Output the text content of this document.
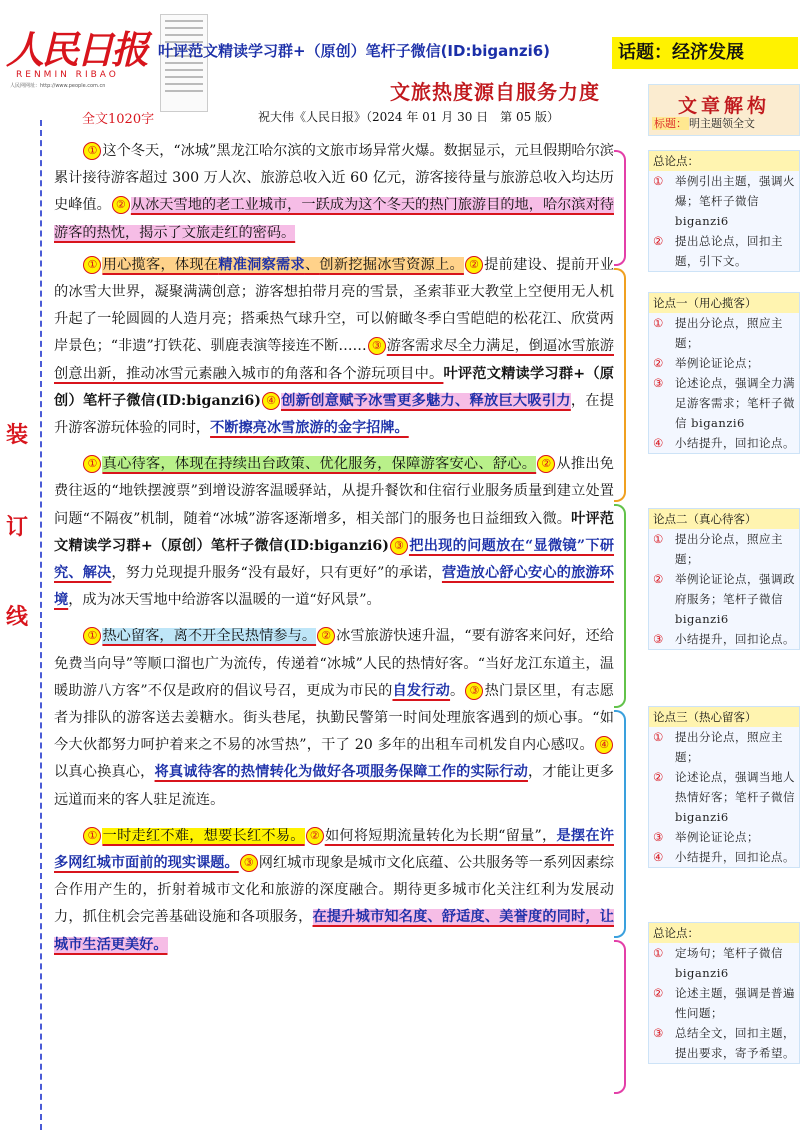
人民日报
RENMIN RIBAO
人民网网址：http://www.people.com.cn
叶评范文精读学习群+（原创）笔杆子微信(ID:biganzi6)	话题：经济发展
文旅热度源自服务力度
全文1020字	祝大伟《人民日报》（2024 年 01 月 30 日　第 05 版）
装
订
线

① 这个冬天，“冰城”黑龙江哈尔滨的文旅市场异常火爆。数据显示，元旦假期哈尔滨累计接待游客超过 300 万人次、旅游总收入近 60 亿元，游客接待量与旅游总收入均达历史峰值。 ② 从冰天雪地的老工业城市，一跃成为这个冬天的热门旅游目的地，哈尔滨对待游客的热忱，揭示了文旅走红的密码。

① 用心揽客，体现在精准洞察需求、创新挖掘冰雪资源上。 ② 提前建设、提前开业的冰雪大世界，凝聚满满创意；游客想拍带月亮的雪景，圣索菲亚大教堂上空便用无人机升起了一轮圆圆的人造月亮；搭乘热气球升空，可以俯瞰冬季白雪皑皑的松花江、欣赏两岸景色；“非遗”打铁花、驯鹿表演等接连不断…… ③ 游客需求尽全力满足，倒逼冰雪旅游创意出新，推动冰雪元素融入城市的角落和各个游玩项目中。叶评范文精读学习群+（原创）笔杆子微信(ID:biganzi6) ④ 创新创意赋予冰雪更多魅力、释放巨大吸引力，在提升游客游玩体验的同时，不断擦亮冰雪旅游的金字招牌。

① 真心待客，体现在持续出台政策、优化服务，保障游客安心、舒心。 ② 从推出免费往返的“地铁摆渡票”到增设游客温暖驿站，从提升餐饮和住宿行业服务质量到建立处置问题“不隔夜”机制，随着“冰城”游客逐渐增多，相关部门的服务也日益细致入微。叶评范文精读学习群+（原创）笔杆子微信(ID:biganzi6) ③ 把出现的问题放在“显微镜”下研究、解决，努力兑现提升服务“没有最好，只有更好”的承诺，营造放心舒心安心的旅游环境，成为冰天雪地中给游客以温暖的一道“好风景”。

① 热心留客，离不开全民热情参与。 ② 冰雪旅游快速升温，“要有游客来问好，还给免费当向导”等顺口溜也广为流传，传递着“冰城”人民的热情好客。“当好龙江东道主，温暖助游八方客”不仅是政府的倡议号召，更成为市民的自发行动。 ③ 热门景区里，有志愿者为排队的游客送去姜糖水。街头巷尾，执勤民警第一时间处理旅客遇到的烦心事。“如今大伙都努力呵护着来之不易的冰雪热”，干了 20 多年的出租车司机发自内心感叹。 ④以真心换真心，将真诚待客的热情转化为做好各项服务保障工作的实际行动，才能让更多远道而来的客人驻足流连。

① 一时走红不难，想要长红不易。 ② 如何将短期流量转化为长期“留量”，是摆在许多网红城市面前的现实课题。 ③ 网红城市现象是城市文化底蕴、公共服务等一系列因素综合作用产生的，折射着城市文化和旅游的深度融合。期待更多城市化关注红利为发展动力，抓住机会完善基础设施和各项服务，在提升城市知名度、舒适度、美誉度的同时，让城市生活更美好。

文章解构
标题： 明主题领全文
总论点：
①	举例引出主题，强调火爆；笔杆子微信 biganzi6
②	提出总论点，回扣主题，引下文。
论点一（用心揽客）
①	提出分论点，照应主题；
②	举例论证论点；
③	论述论点，强调全力满足游客需求；笔杆子微信 biganzi6
④	小结提升，回扣论点。
论点二（真心待客）
①	提出分论点，照应主题；
②	举例论证论点，强调政府服务；笔杆子微信 biganzi6
③	小结提升，回扣论点。
论点三（热心留客）
①	提出分论点，照应主题；
②	论述论点，强调当地人热情好客；笔杆子微信 biganzi6
③	举例论证论点；
④	小结提升，回扣论点。
总论点：
①	定场句；笔杆子微信 biganzi6
②	论述主题，强调是普遍性问题；
③	总结全文，回扣主题，提出要求，寄予希望。
